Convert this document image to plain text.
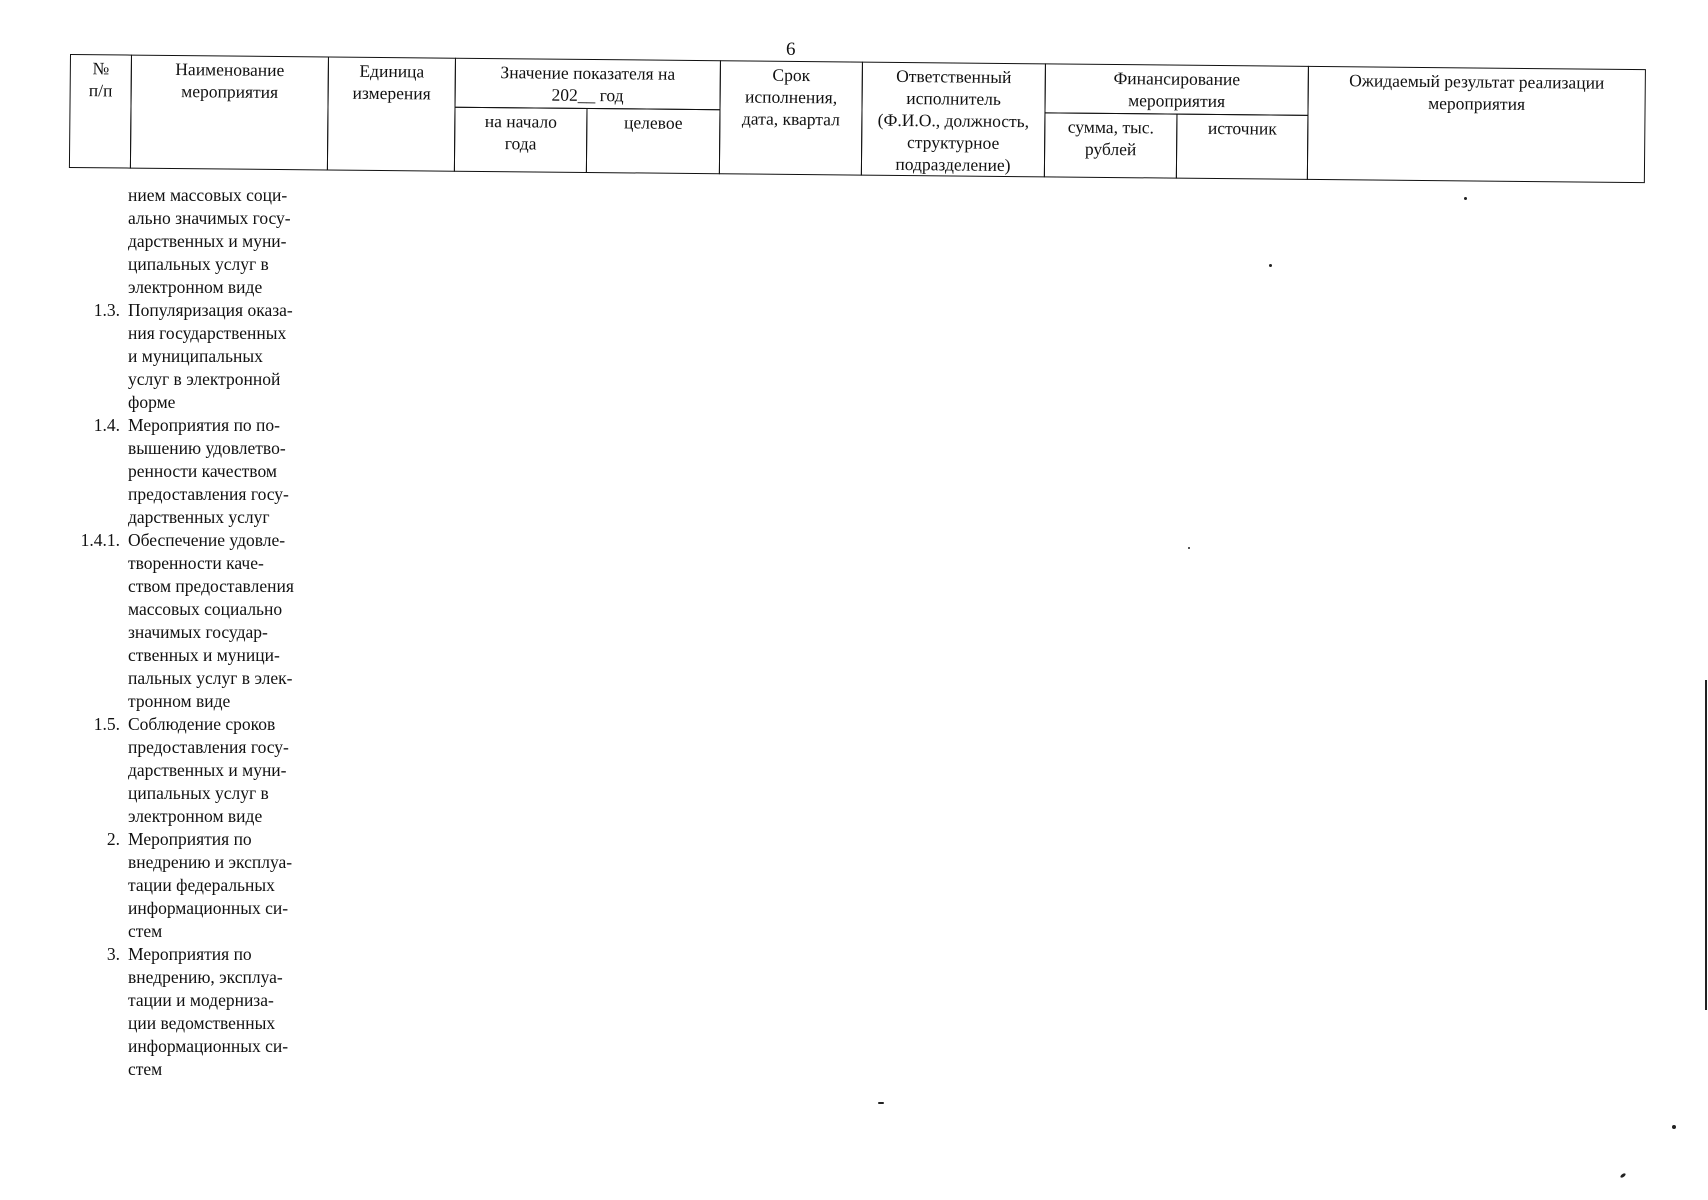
6
№
п/п
Наименование
мероприятия
Единица
измерения
Значение показателя на
202__ год
на начало
года
целевое
Срок
исполнения,
дата, квартал
Ответственный
исполнитель
(Ф.И.О., должность,
структурное
подразделение)
Финансирование
мероприятия
сумма, тыс.
рублей
источник
Ожидаемый результат реализации
мероприятия
нием массовых соци-
ально значимых госу-
дарственных и муни-
ципальных услуг в
электронном виде
1.3. Популяризация оказа-
ния государственных
и муниципальных
услуг в электронной
форме
1.4. Мероприятия по по-
вышению удовлетво-
ренности качеством
предоставления госу-
дарственных услуг
1.4.1. Обеспечение удовле-
творенности каче-
ством предоставления
массовых социально
значимых государ-
ственных и муници-
пальных услуг в элек-
тронном виде
1.5. Соблюдение сроков
предоставления госу-
дарственных и муни-
ципальных услуг в
электронном виде
2. Мероприятия по
внедрению и эксплуа-
тации федеральных
информационных си-
стем
3. Мероприятия по
внедрению, эксплуа-
тации и модерниза-
ции ведомственных
информационных си-
стем
